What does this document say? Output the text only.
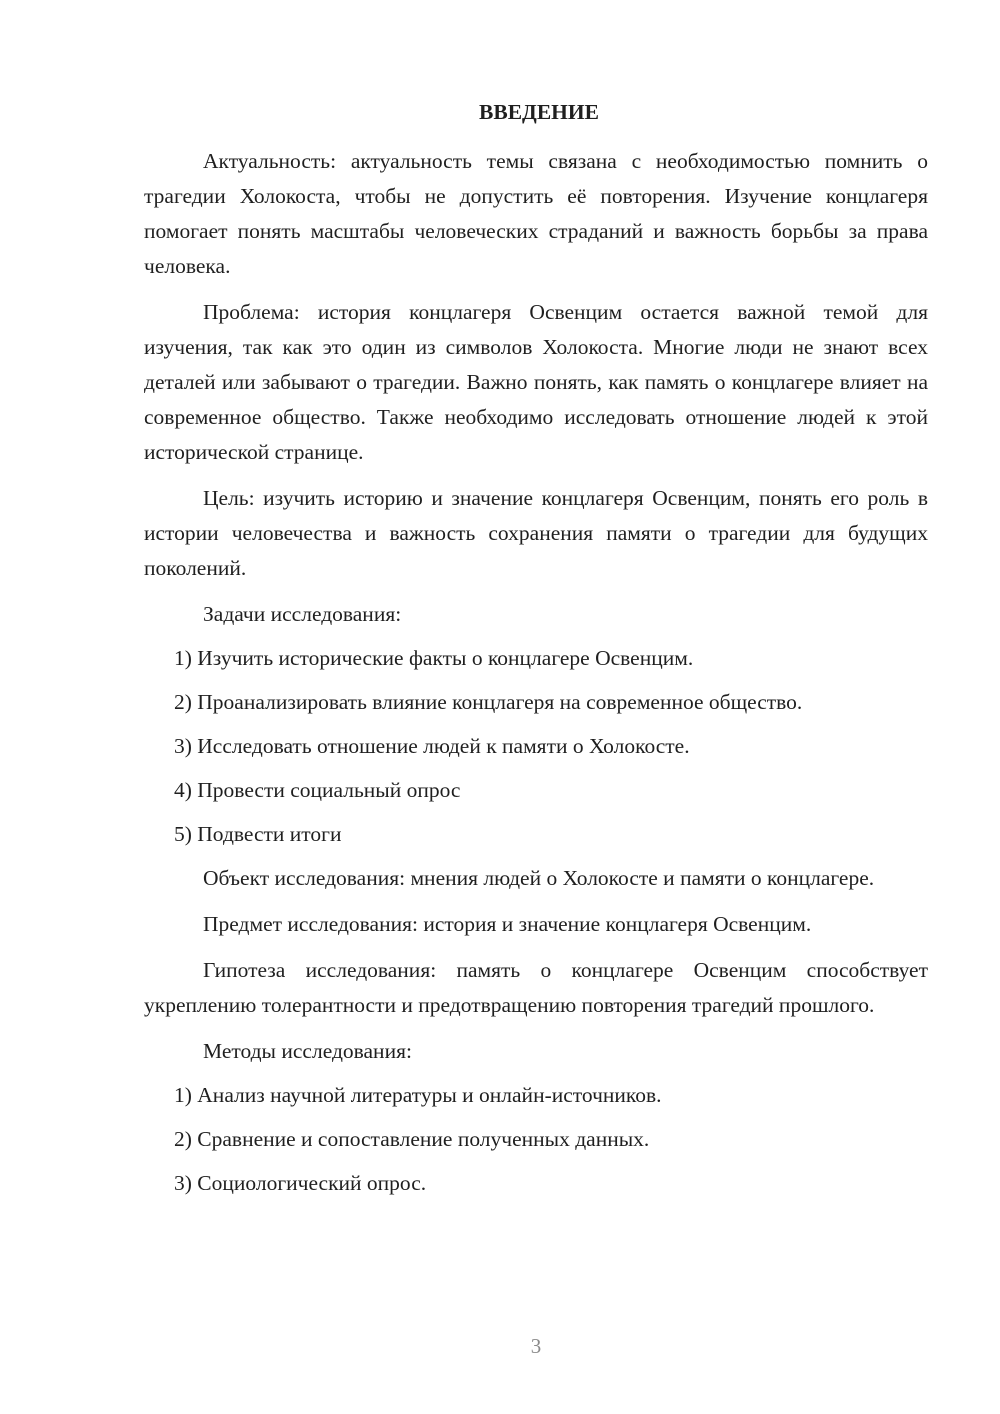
ВВЕДЕНИЕ

Актуальность: актуальность темы связана с необходимостью помнить о трагедии Холокоста, чтобы не допустить её повторения. Изучение концлагеря помогает понять масштабы человеческих страданий и важность борьбы за права человека.

Проблема: история концлагеря Освенцим остается важной темой для изучения, так как это один из символов Холокоста. Многие люди не знают всех деталей или забывают о трагедии. Важно понять, как память о концлагере влияет на современное общество. Также необходимо исследовать отношение людей к этой исторической странице.

Цель: изучить историю и значение концлагеря Освенцим, понять его роль в истории человечества и важность сохранения памяти о трагедии для будущих поколений.

Задачи исследования:

1) Изучить исторические факты о концлагере Освенцим.
2) Проанализировать влияние концлагеря на современное общество.
3) Исследовать отношение людей к памяти о Холокосте.
4) Провести социальный опрос
5) Подвести итоги

Объект исследования: мнения людей о Холокосте и памяти о концлагере.

Предмет исследования: история и значение концлагеря Освенцим.

Гипотеза исследования: память о концлагере Освенцим способствует укреплению толерантности и предотвращению повторения трагедий прошлого.

Методы исследования:

1) Анализ научной литературы и онлайн-источников.
2) Сравнение и сопоставление полученных данных.
3) Социологический опрос.
3
